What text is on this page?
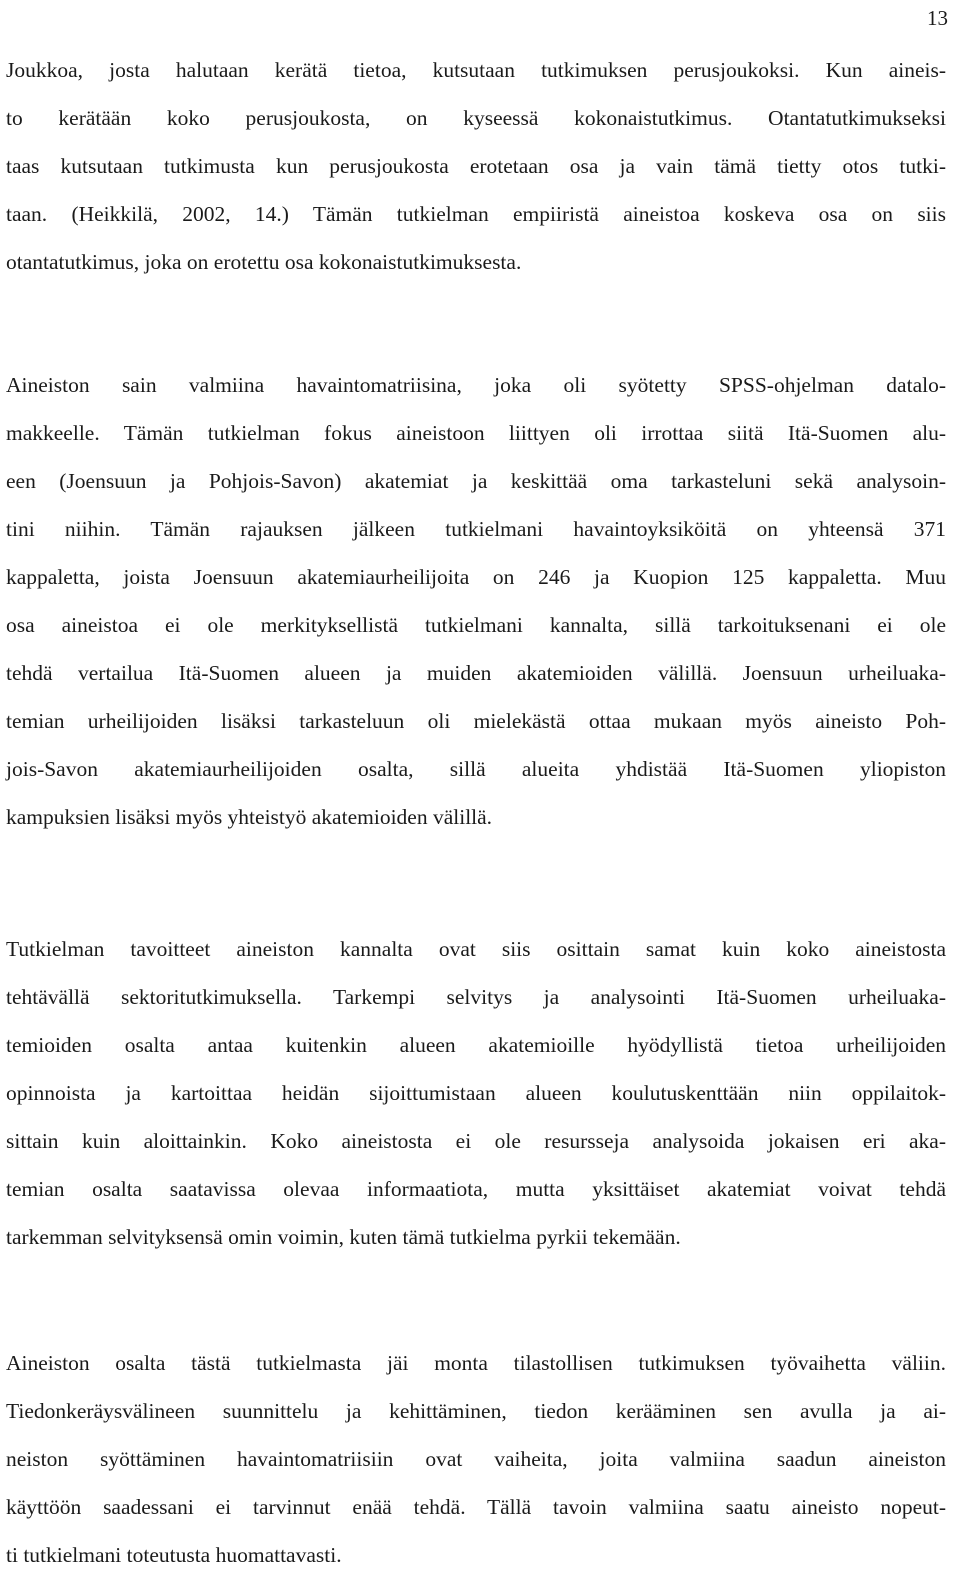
13
Joukkoa, josta halutaan kerätä tietoa, kutsutaan tutkimuksen perusjoukoksi. Kun aineis-
to kerätään koko perusjoukosta, on kyseessä kokonaistutkimus. Otantatutkimukseksi
taas kutsutaan tutkimusta kun perusjoukosta erotetaan osa ja vain tämä tietty otos tutki-
taan. (Heikkilä, 2002, 14.) Tämän tutkielman empiiristä aineistoa koskeva osa on siis
otantatutkimus, joka on erotettu osa kokonaistutkimuksesta.
Aineiston sain valmiina havaintomatriisina, joka oli syötetty SPSS-ohjelman datalo-
makkeelle. Tämän tutkielman fokus aineistoon liittyen oli irrottaa siitä Itä-Suomen alu-
een (Joensuun ja Pohjois-Savon) akatemiat ja keskittää oma tarkasteluni sekä analysoin-
tini niihin. Tämän rajauksen jälkeen tutkielmani havaintoyksiköitä on yhteensä 371
kappaletta, joista Joensuun akatemiaurheilijoita on 246 ja Kuopion 125 kappaletta. Muu
osa aineistoa ei ole merkityksellistä tutkielmani kannalta, sillä tarkoituksenani ei ole
tehdä vertailua Itä-Suomen alueen ja muiden akatemioiden välillä. Joensuun urheiluaka-
temian urheilijoiden lisäksi tarkasteluun oli mielekästä ottaa mukaan myös aineisto Poh-
jois-Savon akatemiaurheilijoiden osalta, sillä alueita yhdistää Itä-Suomen yliopiston
kampuksien lisäksi myös yhteistyö akatemioiden välillä.
Tutkielman tavoitteet aineiston kannalta ovat siis osittain samat kuin koko aineistosta
tehtävällä sektoritutkimuksella. Tarkempi selvitys ja analysointi Itä-Suomen urheiluaka-
temioiden osalta antaa kuitenkin alueen akatemioille hyödyllistä tietoa urheilijoiden
opinnoista ja kartoittaa heidän sijoittumistaan alueen koulutuskenttään niin oppilaitok-
sittain kuin aloittainkin. Koko aineistosta ei ole resursseja analysoida jokaisen eri aka-
temian osalta saatavissa olevaa informaatiota, mutta yksittäiset akatemiat voivat tehdä
tarkemman selvityksensä omin voimin, kuten tämä tutkielma pyrkii tekemään.
Aineiston osalta tästä tutkielmasta jäi monta tilastollisen tutkimuksen työvaihetta väliin.
Tiedonkeräysvälineen suunnittelu ja kehittäminen, tiedon kerääminen sen avulla ja ai-
neiston syöttäminen havaintomatriisiin ovat vaiheita, joita valmiina saadun aineiston
käyttöön saadessani ei tarvinnut enää tehdä. Tällä tavoin valmiina saatu aineisto nopeut-
ti tutkielmani toteutusta huomattavasti.
